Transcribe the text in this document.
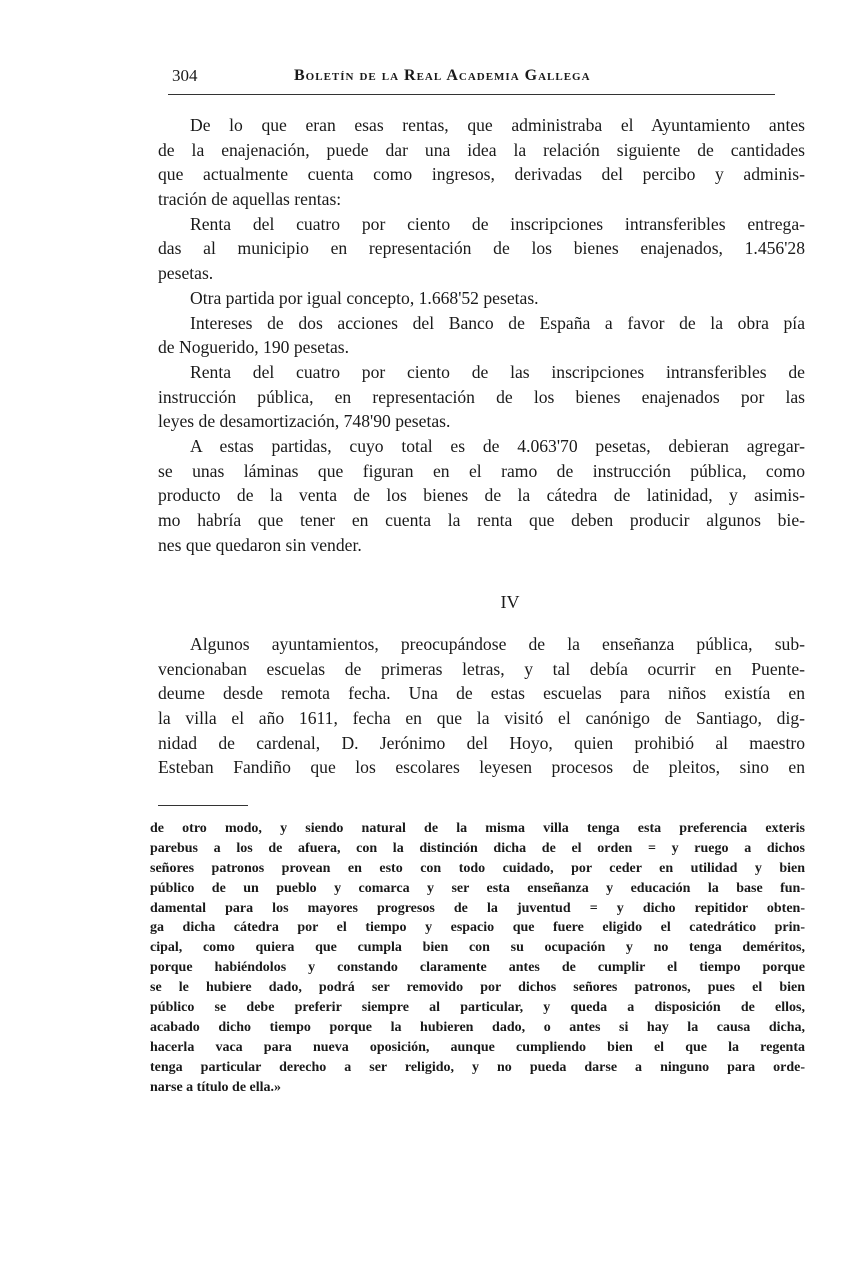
304	Boletín de la Real Academia Gallega
De lo que eran esas rentas, que administraba el Ayuntamiento antes
de la enajenación, puede dar una idea la relación siguiente de cantidades
que actualmente cuenta como ingresos, derivadas del percibo y adminis-
tración de aquellas rentas:
Renta del cuatro por ciento de inscripciones intransferibles entrega-
das al municipio en representación de los bienes enajenados, 1.456'28
pesetas.
Otra partida por igual concepto, 1.668'52 pesetas.
Intereses de dos acciones del Banco de España a favor de la obra pía
de Noguerido, 190 pesetas.
Renta del cuatro por ciento de las inscripciones intransferibles de
instrucción pública, en representación de los bienes enajenados por las
leyes de desamortización, 748'90 pesetas.
A estas partidas, cuyo total es de 4.063'70 pesetas, debieran agregar-
se unas láminas que figuran en el ramo de instrucción pública, como
producto de la venta de los bienes de la cátedra de latinidad, y asimis-
mo habría que tener en cuenta la renta que deben producir algunos bie-
nes que quedaron sin vender.
IV
Algunos ayuntamientos, preocupándose de la enseñanza pública, sub-
vencionaban escuelas de primeras letras, y tal debía ocurrir en Puente-
deume desde remota fecha. Una de estas escuelas para niños existía en
la villa el año 1611, fecha en que la visitó el canónigo de Santiago, dig-
nidad de cardenal, D. Jerónimo del Hoyo, quien prohibió al maestro
Esteban Fandiño que los escolares leyesen procesos de pleitos, sino en
de otro modo, y siendo natural de la misma villa tenga esta preferencia exteris
parebus a los de afuera, con la distinción dicha de el orden = y ruego a dichos
señores patronos provean en esto con todo cuidado, por ceder en utilidad y bien
público de un pueblo y comarca y ser esta enseñanza y educación la base fun-
damental para los mayores progresos de la juventud = y dicho repitidor obten-
ga dicha cátedra por el tiempo y espacio que fuere eligido el catedrático prin-
cipal, como quiera que cumpla bien con su ocupación y no tenga deméritos,
porque habiéndolos y constando claramente antes de cumplir el tiempo porque
se le hubiere dado, podrá ser removido por dichos señores patronos, pues el bien
público se debe preferir siempre al particular, y queda a disposición de ellos,
acabado dicho tiempo porque la hubieren dado, o antes si hay la causa dicha,
hacerla vaca para nueva oposición, aunque cumpliendo bien el que la regenta
tenga particular derecho a ser religido, y no pueda darse a ninguno para orde-
narse a título de ella.»
